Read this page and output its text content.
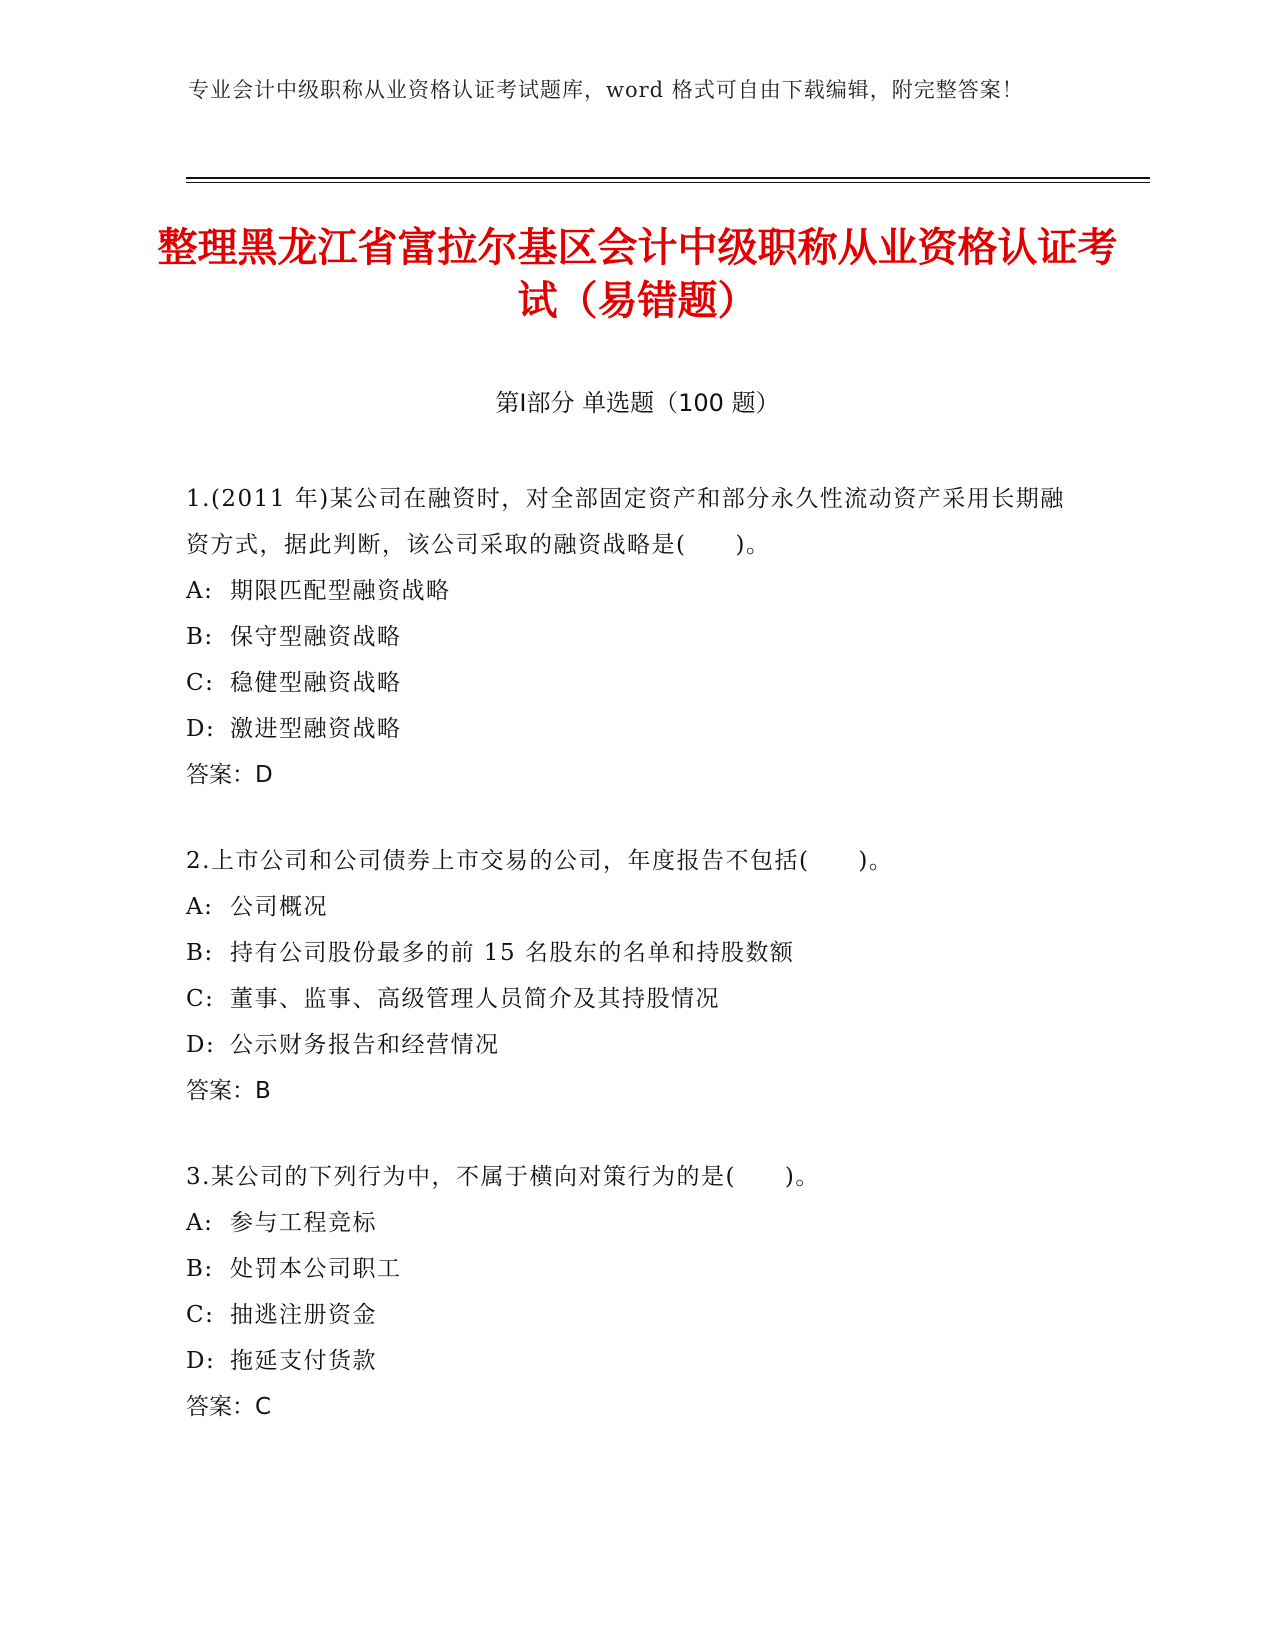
专业会计中级职称从业资格认证考试题库，word 格式可自由下载编辑，附完整答案！
整理黑龙江省富拉尔基区会计中级职称从业资格认证考试（易错题）
第Ⅰ部分 单选题（100 题）
1.(2011 年)某公司在融资时，对全部固定资产和部分永久性流动资产采用长期融资方式，据此判断，该公司采取的融资战略是(　　)。
A: 期限匹配型融资战略
B: 保守型融资战略
C: 稳健型融资战略
D: 激进型融资战略
答案：D
2.上市公司和公司债券上市交易的公司，年度报告不包括(　　)。
A: 公司概况
B: 持有公司股份最多的前 15 名股东的名单和持股数额
C: 董事、监事、高级管理人员简介及其持股情况
D: 公示财务报告和经营情况
答案：B
3.某公司的下列行为中，不属于横向对策行为的是(　　)。
A: 参与工程竞标
B: 处罚本公司职工
C: 抽逃注册资金
D: 拖延支付货款
答案：C
